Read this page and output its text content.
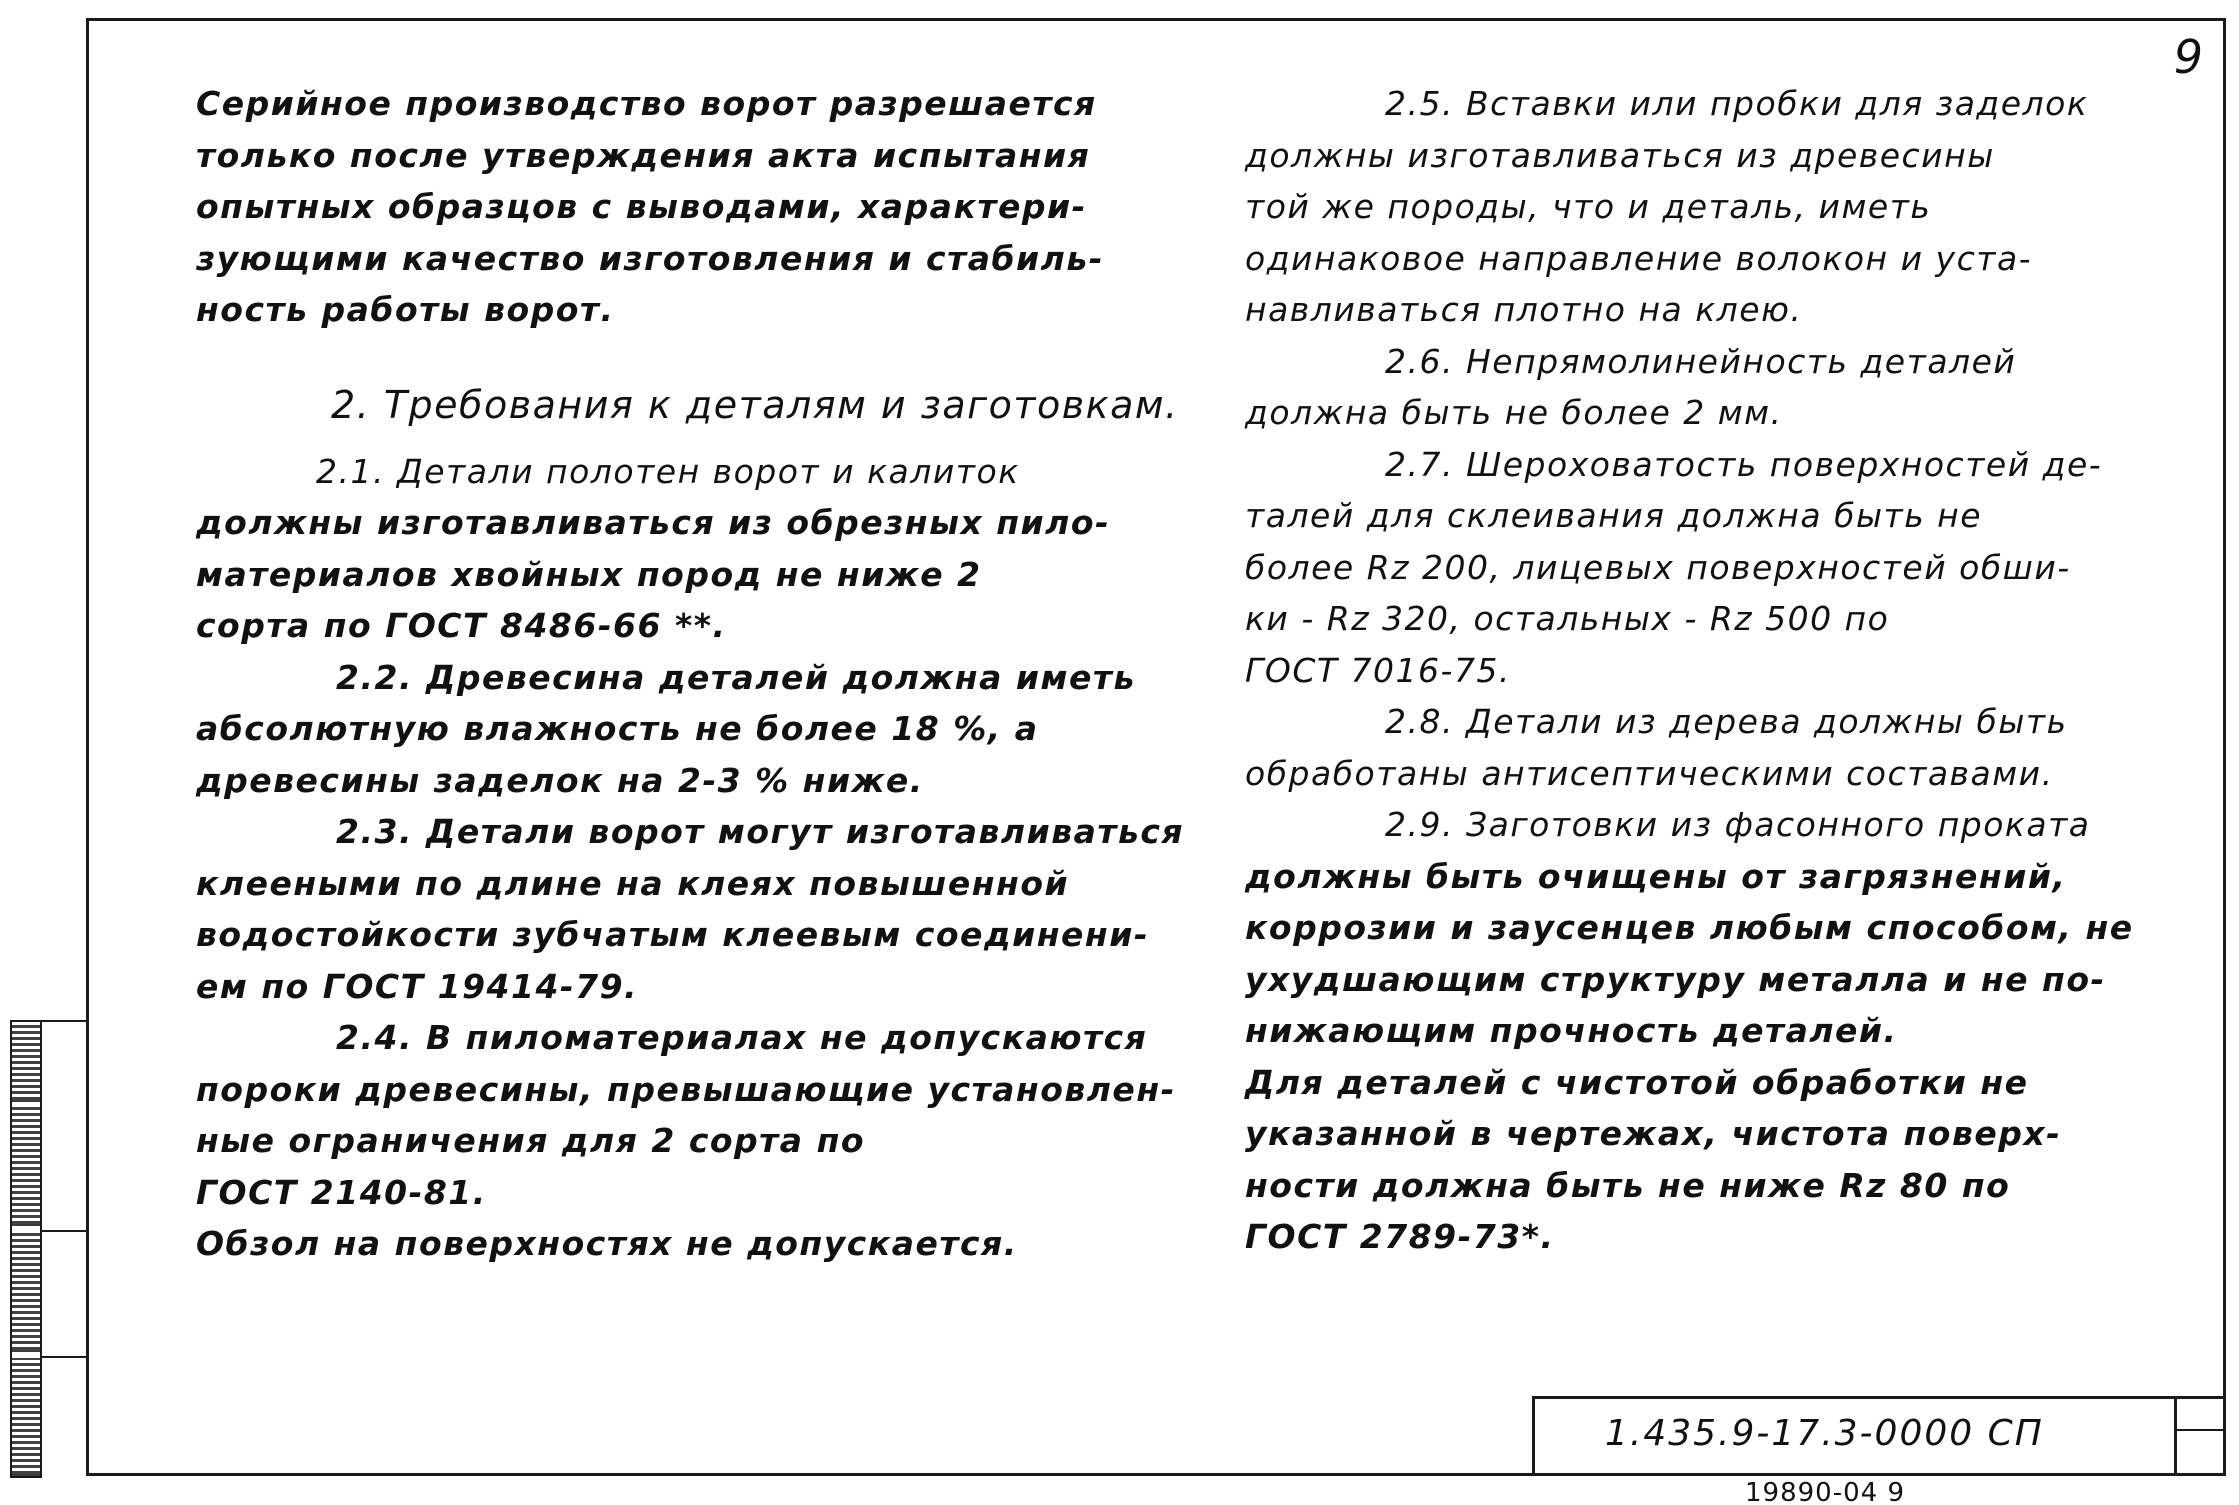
9
Серийное производство ворот разрешается
только после утверждения акта испытания
опытных образцов с выводами, характери-
зующими качество изготовления и стабиль-
ность работы ворот.
2. Требования к деталям и заготовкам.
2.1. Детали полотен ворот и калиток
должны изготавливаться из обрезных пило-
материалов хвойных пород не ниже 2
сорта по ГОСТ 8486-66 **.
2.2. Древесина деталей должна иметь
абсолютную влажность не более 18 %, а
древесины заделок на 2-3 % ниже.
2.3. Детали ворот могут изготавливаться
клееными по длине на клеях повышенной
водостойкости зубчатым клеевым соединени-
ем по ГОСТ 19414-79.
2.4. В пиломатериалах не допускаются
пороки древесины, превышающие установлен-
ные ограничения для 2 сорта по
ГОСТ 2140-81.
Обзол на поверхностях не допускается.
2.5. Вставки или пробки для заделок
должны изготавливаться из древесины
той же породы, что и деталь, иметь
одинаковое направление волокон и уста-
навливаться плотно на клею.
2.6. Непрямолинейность деталей
должна быть не более 2 мм.
2.7. Шероховатость поверхностей де-
талей для склеивания должна быть не
более Rz 200, лицевых поверхностей обши-
ки - Rz 320, остальных - Rz 500 по
ГОСТ 7016-75.
2.8. Детали из дерева должны быть
обработаны антисептическими составами.
2.9. Заготовки из фасонного проката
должны быть очищены от загрязнений,
коррозии и заусенцев любым способом, не
ухудшающим структуру металла и не по-
нижающим прочность деталей.
Для деталей с чистотой обработки не
указанной в чертежах, чистота поверх-
ности должна быть не ниже Rz 80 по
ГОСТ 2789-73*.
1.435.9-17.3-0000 СП
19890-04 9
